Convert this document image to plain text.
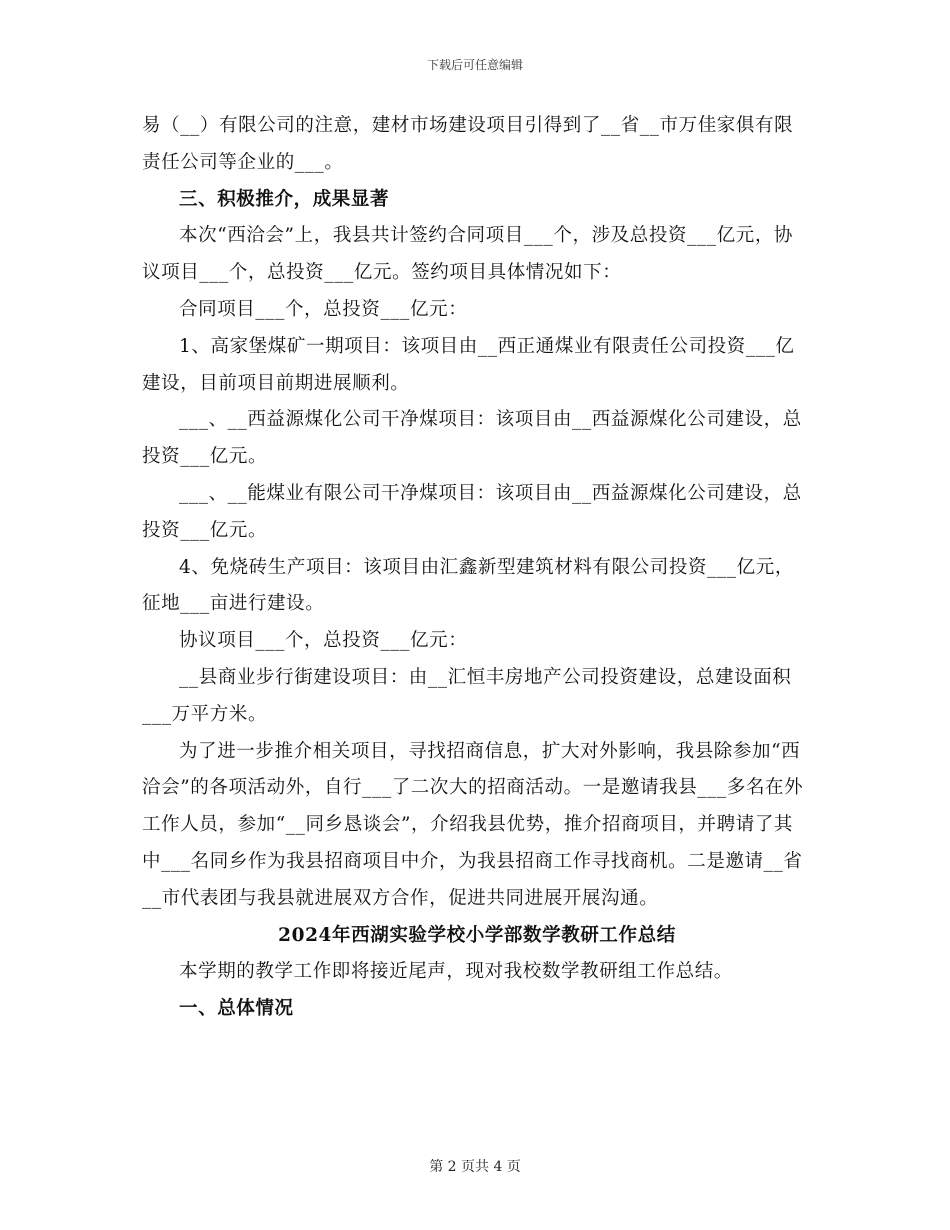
下载后可任意编辑

易（__）有限公司的注意，建材市场建设项目引得到了__省__市万佳家俱有限责任公司等企业的___。

三、积极推介，成果显著

本次“西洽会”上，我县共计签约合同项目___个，涉及总投资___亿元，协议项目___个，总投资___亿元。签约项目具体情况如下：

合同项目___个，总投资___亿元：

1、高家堡煤矿一期项目：该项目由__西正通煤业有限责任公司投资___亿建设，目前项目前期进展顺利。

___、__西益源煤化公司干净煤项目：该项目由__西益源煤化公司建设，总投资___亿元。

___、__能煤业有限公司干净煤项目：该项目由__西益源煤化公司建设，总投资___亿元。

4、免烧砖生产项目：该项目由汇鑫新型建筑材料有限公司投资___亿元，征地___亩进行建设。

协议项目___个，总投资___亿元：

__县商业步行街建设项目：由__汇恒丰房地产公司投资建设，总建设面积___万平方米。

为了进一步推介相关项目，寻找招商信息，扩大对外影响，我县除参加“西洽会”的各项活动外，自行___了二次大的招商活动。一是邀请我县___多名在外工作人员，参加“__同乡恳谈会”，介绍我县优势，推介招商项目，并聘请了其中___名同乡作为我县招商项目中介，为我县招商工作寻找商机。二是邀请__省__市代表团与我县就进展双方合作，促进共同进展开展沟通。

2024年西湖实验学校小学部数学教研工作总结

本学期的教学工作即将接近尾声，现对我校数学教研组工作总结。

一、总体情况

第 2 页共 4 页
